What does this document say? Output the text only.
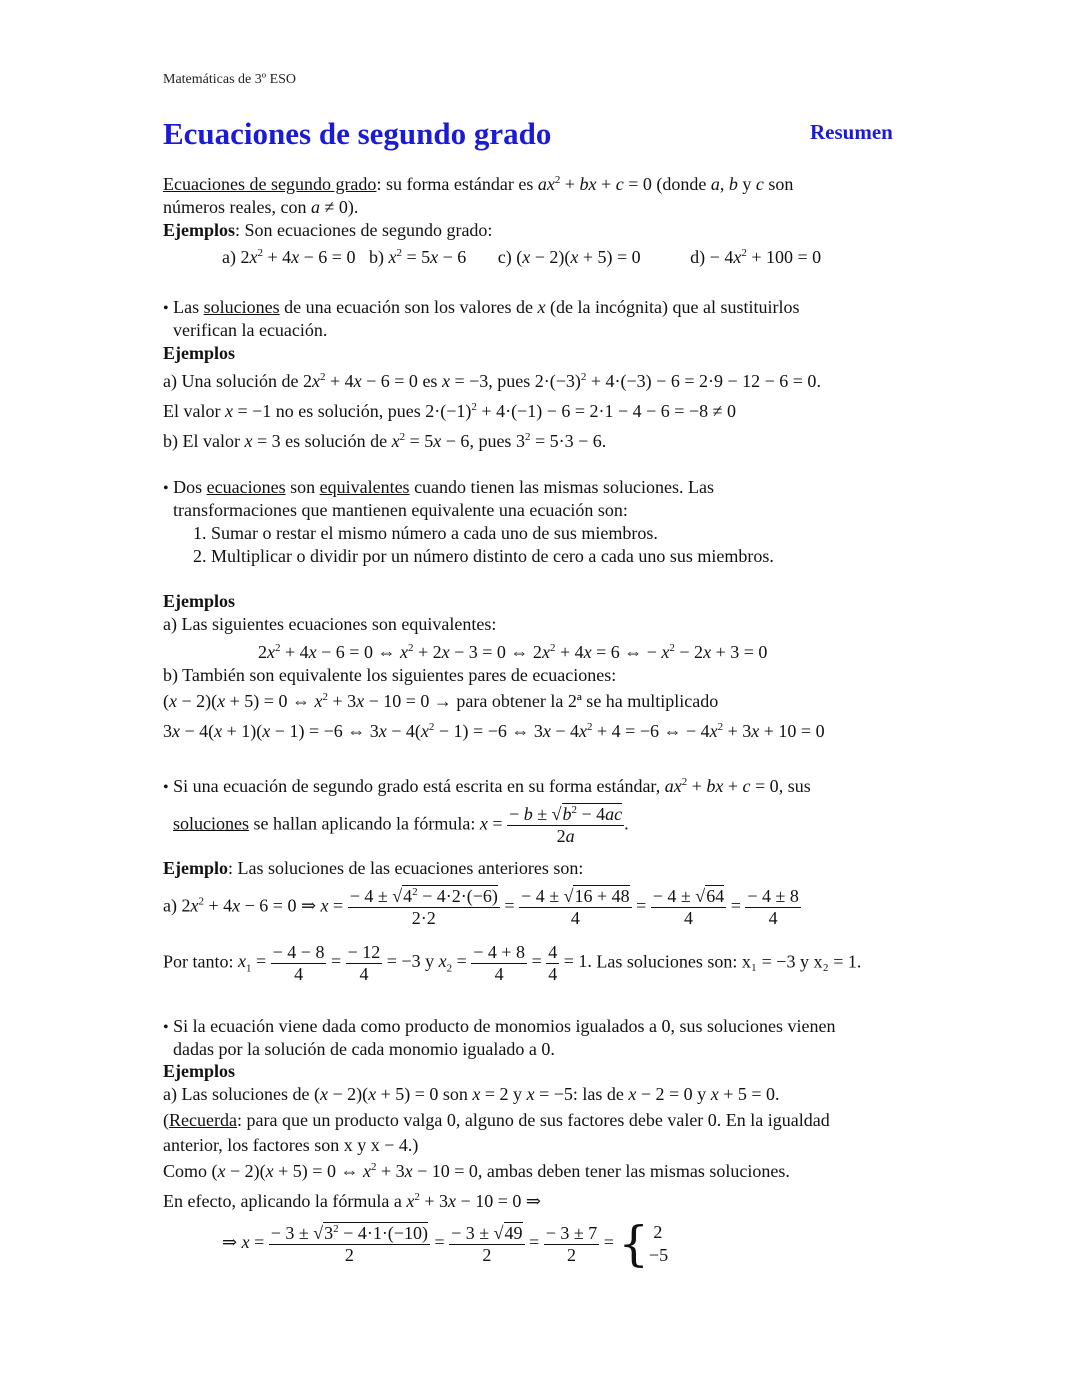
Matemáticas de 3º ESO
Ecuaciones de segundo grado	Resumen
Ecuaciones de segundo grado: su forma estándar es $ax^2$ + bx + c = 0 (donde a, b y c son
números reales, con a ≠ 0).
Ejemplos: Son ecuaciones de segundo grado:
a) $2x^2 + 4x - 6 = 0$   b) $x^2 = 5x - 6$       c) (x − 2)(x + 5) = 0           $d) - 4x^2 + 100 = 0$
• Las soluciones de una ecuación son los valores de x (de la incógnita) que al sustituirlos
verifican la ecuación.
Ejemplos
a) Una solución de $2x^2 + 4x - 6 = 0$ es x = −3, pues $2\cdot(-3)^2 + 4\cdot(-3) - 6 = 2\cdot 9 - 12 - 6 = 0$.
El valor x = −1 no es solución, pues $2\cdot(-1)^2 + 4\cdot(-1) - 6 = 2\cdot 1 - 4 - 6 = -8 \ne 0$
b) El valor x = 3 es solución de $x^2 = 5x - 6$, pues $3^2 = 5\cdot 3 - 6$.
• Dos ecuaciones son equivalentes cuando tienen las mismas soluciones. Las
transformaciones que mantienen equivalente una ecuación son:
1. Sumar o restar el mismo número a cada uno de sus miembros.
2. Multiplicar o dividir por un número distinto de cero a cada uno sus miembros.
Ejemplos
a) Las siguientes ecuaciones son equivalentes:
$2x^2 + 4x - 6 = 0$ ⇔ $x^2 + 2x - 3 = 0$ ⇔ $2x^2 + 4x = 6$ ⇔ − $x^2 - 2x + 3 = 0$
b) También son equivalente los siguientes pares de ecuaciones:
(x − 2)(x + 5) = 0 ⇔ $x^2 + 3x - 10 = 0$ → para obtener la 2ª se ha multiplicado
3x − 4(x + 1)(x − 1) = −6 ⇔ $3x - 4(x^2 - 1) = -6$ ⇔ $3x - 4x^2 + 4 = -6$ ⇔ − $4x^2 + 3x + 10 = 0$
• Si una ecuación de segundo grado está escrita en su forma estándar, $ax^2$ + bx + c = 0, sus
soluciones se hallan aplicando la fórmula: $x = \frac{- b \pm √b^2 - 4ac}{2a}$ .
Ejemplo: Las soluciones de las ecuaciones anteriores son:
a) $2x^2 + 4x - 6 = 0$ ⇒ $x = \frac{- 4 \pm √4^2 - 4\cdot 2\cdot(-6)}{2\cdot 2} = \frac{- 4 \pm √16 + 48}{4} = \frac{- 4 \pm √64}{4} = \frac{- 4 \pm 8}{4}$
Por tanto: $x_1 = \frac{- 4 - 8}{4} = \frac{- 12}{4} = -3$ y $x_2 = \frac{- 4 + 8}{4} = \frac{4}{4} = 1$. Las soluciones son: x₁ = −3 y x₂ = 1.
• Si la ecuación viene dada como producto de monomios igualados a 0, sus soluciones vienen
dadas por la solución de cada monomio igualado a 0.
Ejemplos
a) Las soluciones de (x − 2)(x + 5) = 0 son x = 2 y x = −5: las de x − 2 = 0 y x + 5 = 0.
(Recuerda: para que un producto valga 0, alguno de sus factores debe valer 0. En la igualdad
anterior, los factores son x y x − 4.)
Como (x − 2)(x + 5) = 0 ⇔ $x^2 + 3x - 10 = 0$, ambas deben tener las mismas soluciones.
En efecto, aplicando la fórmula a $x^2 + 3x - 10 = 0$ ⇒
⇒ $x = \frac{- 3 \pm √3^2 - 4\cdot 1\cdot(-10)}{2} = \frac{- 3 \pm √49}{2} = \frac{- 3 \pm 7}{2}$ = { 2
−5
